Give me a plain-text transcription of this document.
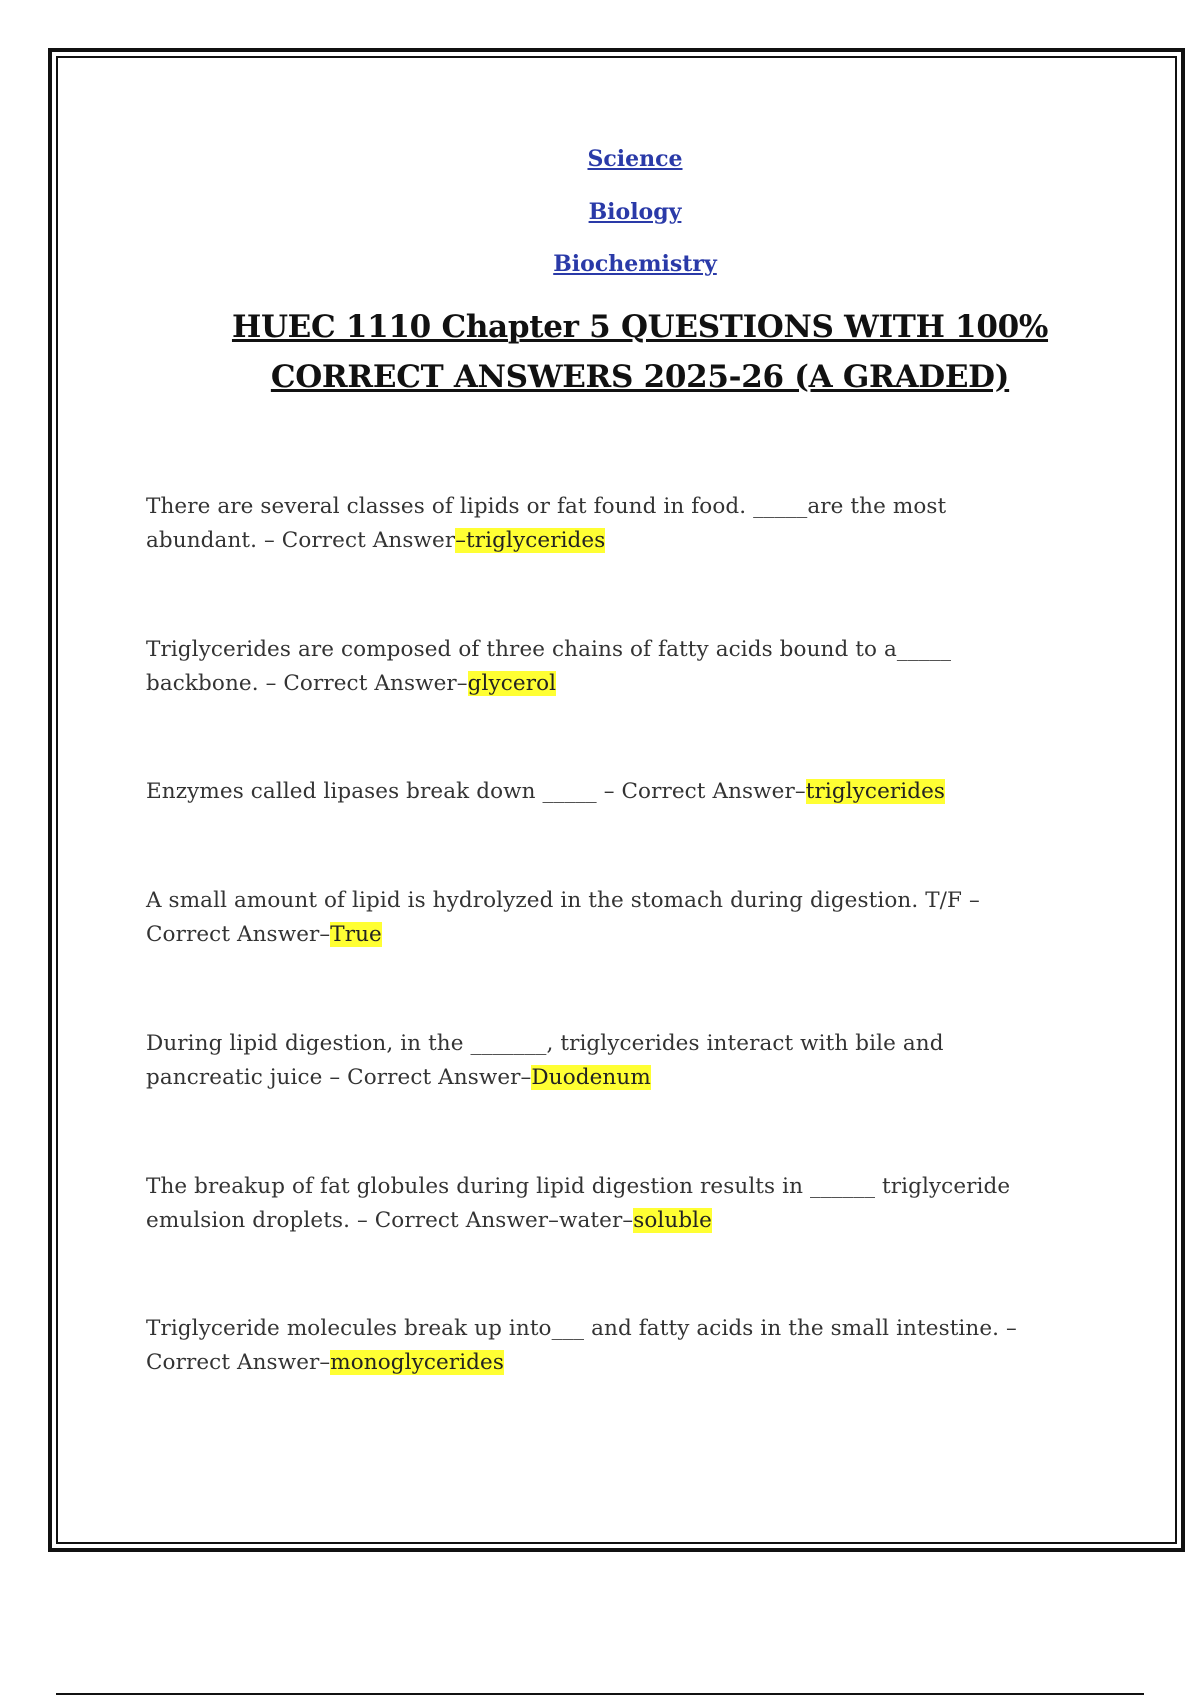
Science
Biology
Biochemistry
HUEC 1110 Chapter 5 QUESTIONS WITH 100%
CORRECT ANSWERS 2025-26 (A GRADED)
There are several classes of lipids or fat found in food. _____are the most
abundant. – Correct Answer–triglycerides
Triglycerides are composed of three chains of fatty acids bound to a_____
backbone. – Correct Answer–glycerol
Enzymes called lipases break down _____ – Correct Answer–triglycerides
A small amount of lipid is hydrolyzed in the stomach during digestion. T/F –
Correct Answer–True
During lipid digestion, in the _______, triglycerides interact with bile and
pancreatic juice – Correct Answer–Duodenum
The breakup of fat globules during lipid digestion results in ______ triglyceride
emulsion droplets. – Correct Answer–water–soluble
Triglyceride molecules break up into___ and fatty acids in the small intestine. –
Correct Answer–monoglycerides
